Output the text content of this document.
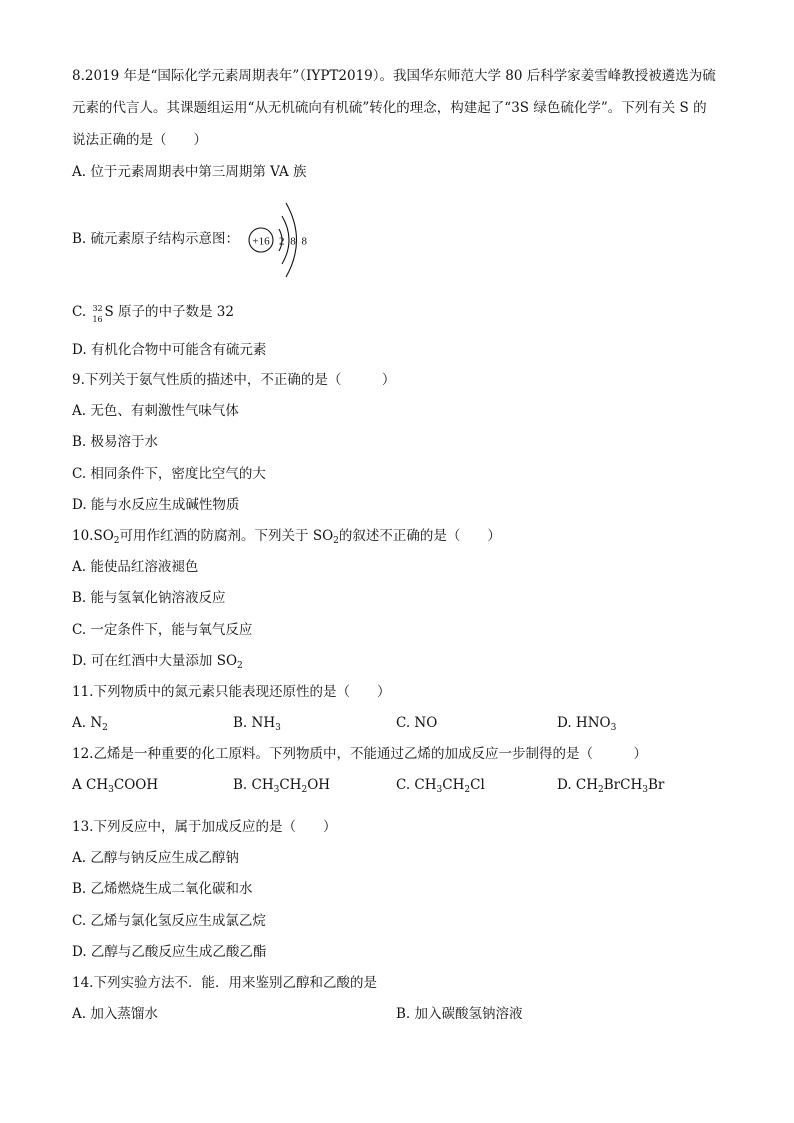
8.2019 年是“国际化学元素周期表年”（IYPT2019）。我国华东师范大学 80 后科学家姜雪峰教授被遴选为硫
元素的代言人。其课题组运用“从无机硫向有机硫”转化的理念，构建起了“3S 绿色硫化学”。下列有关 S 的
说法正确的是（　　）
A. 位于元素周期表中第三周期第 VA 族
B. 硫元素原子结构示意图： +16 2 8 8
C. 32
16 S 原子的中子数是 32
D. 有机化合物中可能含有硫元素
9.下列关于氨气性质的描述中，不正确的是（　　　）
A. 无色、有刺激性气味气体
B. 极易溶于水
C. 相同条件下，密度比空气的大
D. 能与水反应生成碱性物质
$10.SO_2$可用作红酒的防腐剂。下列关于 $SO_2$的叙述不正确的是（　　）
A. 能使品红溶液褪色
B. 能与氢氧化钠溶液反应
C. 一定条件下，能与氧气反应
D. 可在红酒中大量添加 $SO_2$
11.下列物质中的氮元素只能表现还原性的是（　　）
A. $N_2$	B. $NH_3$	C. NO	D. $HNO_3$
12.乙烯是一种重要的化工原料。下列物质中，不能通过乙烯的加成反应一步制得的是（　　　）
A $CH_3COOH$	B. $CH_3CH_2OH$	C. $CH_3CH_2Cl$	D. $CH_2BrCH_3Br$
13.下列反应中，属于加成反应的是（　　）
A. 乙醇与钠反应生成乙醇钠
B. 乙烯燃烧生成二氧化碳和水
C. 乙烯与氯化氢反应生成氯乙烷
D. 乙醇与乙酸反应生成乙酸乙酯
14.下列实验方法不．能．用来鉴别乙醇和乙酸的是
A. 加入蒸馏水	B. 加入碳酸氢钠溶液
